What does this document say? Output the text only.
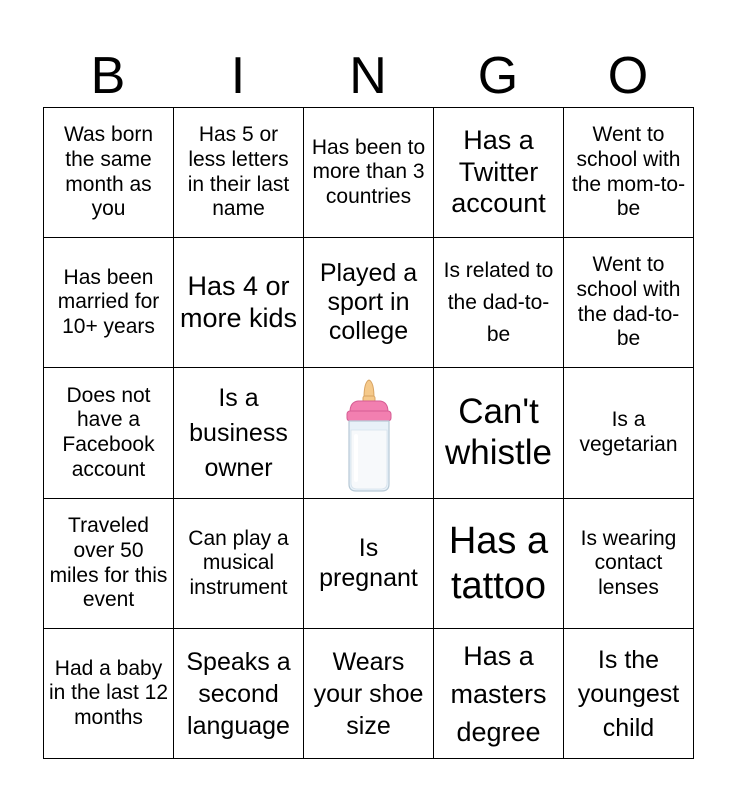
B	I	N	G	O
Was born the same month as you	Has 5 or less letters in their last name	Has been to more than 3 countries	Has a Twitter account	Went to school with the mom-to-be
Has been married for 10+ years	Has 4 or more kids	Played a sport in college	Is related to the dad-to-be	Went to school with the dad-to-be
Does not have a Facebook account	Is a business owner		Can't whistle	Is a vegetarian
Traveled over 50 miles for this event	Can play a musical instrument	Is pregnant	Has a tattoo	Is wearing contact lenses
Had a baby in the last 12 months	Speaks a second language	Wears your shoe size	Has a masters degree	Is the youngest child
